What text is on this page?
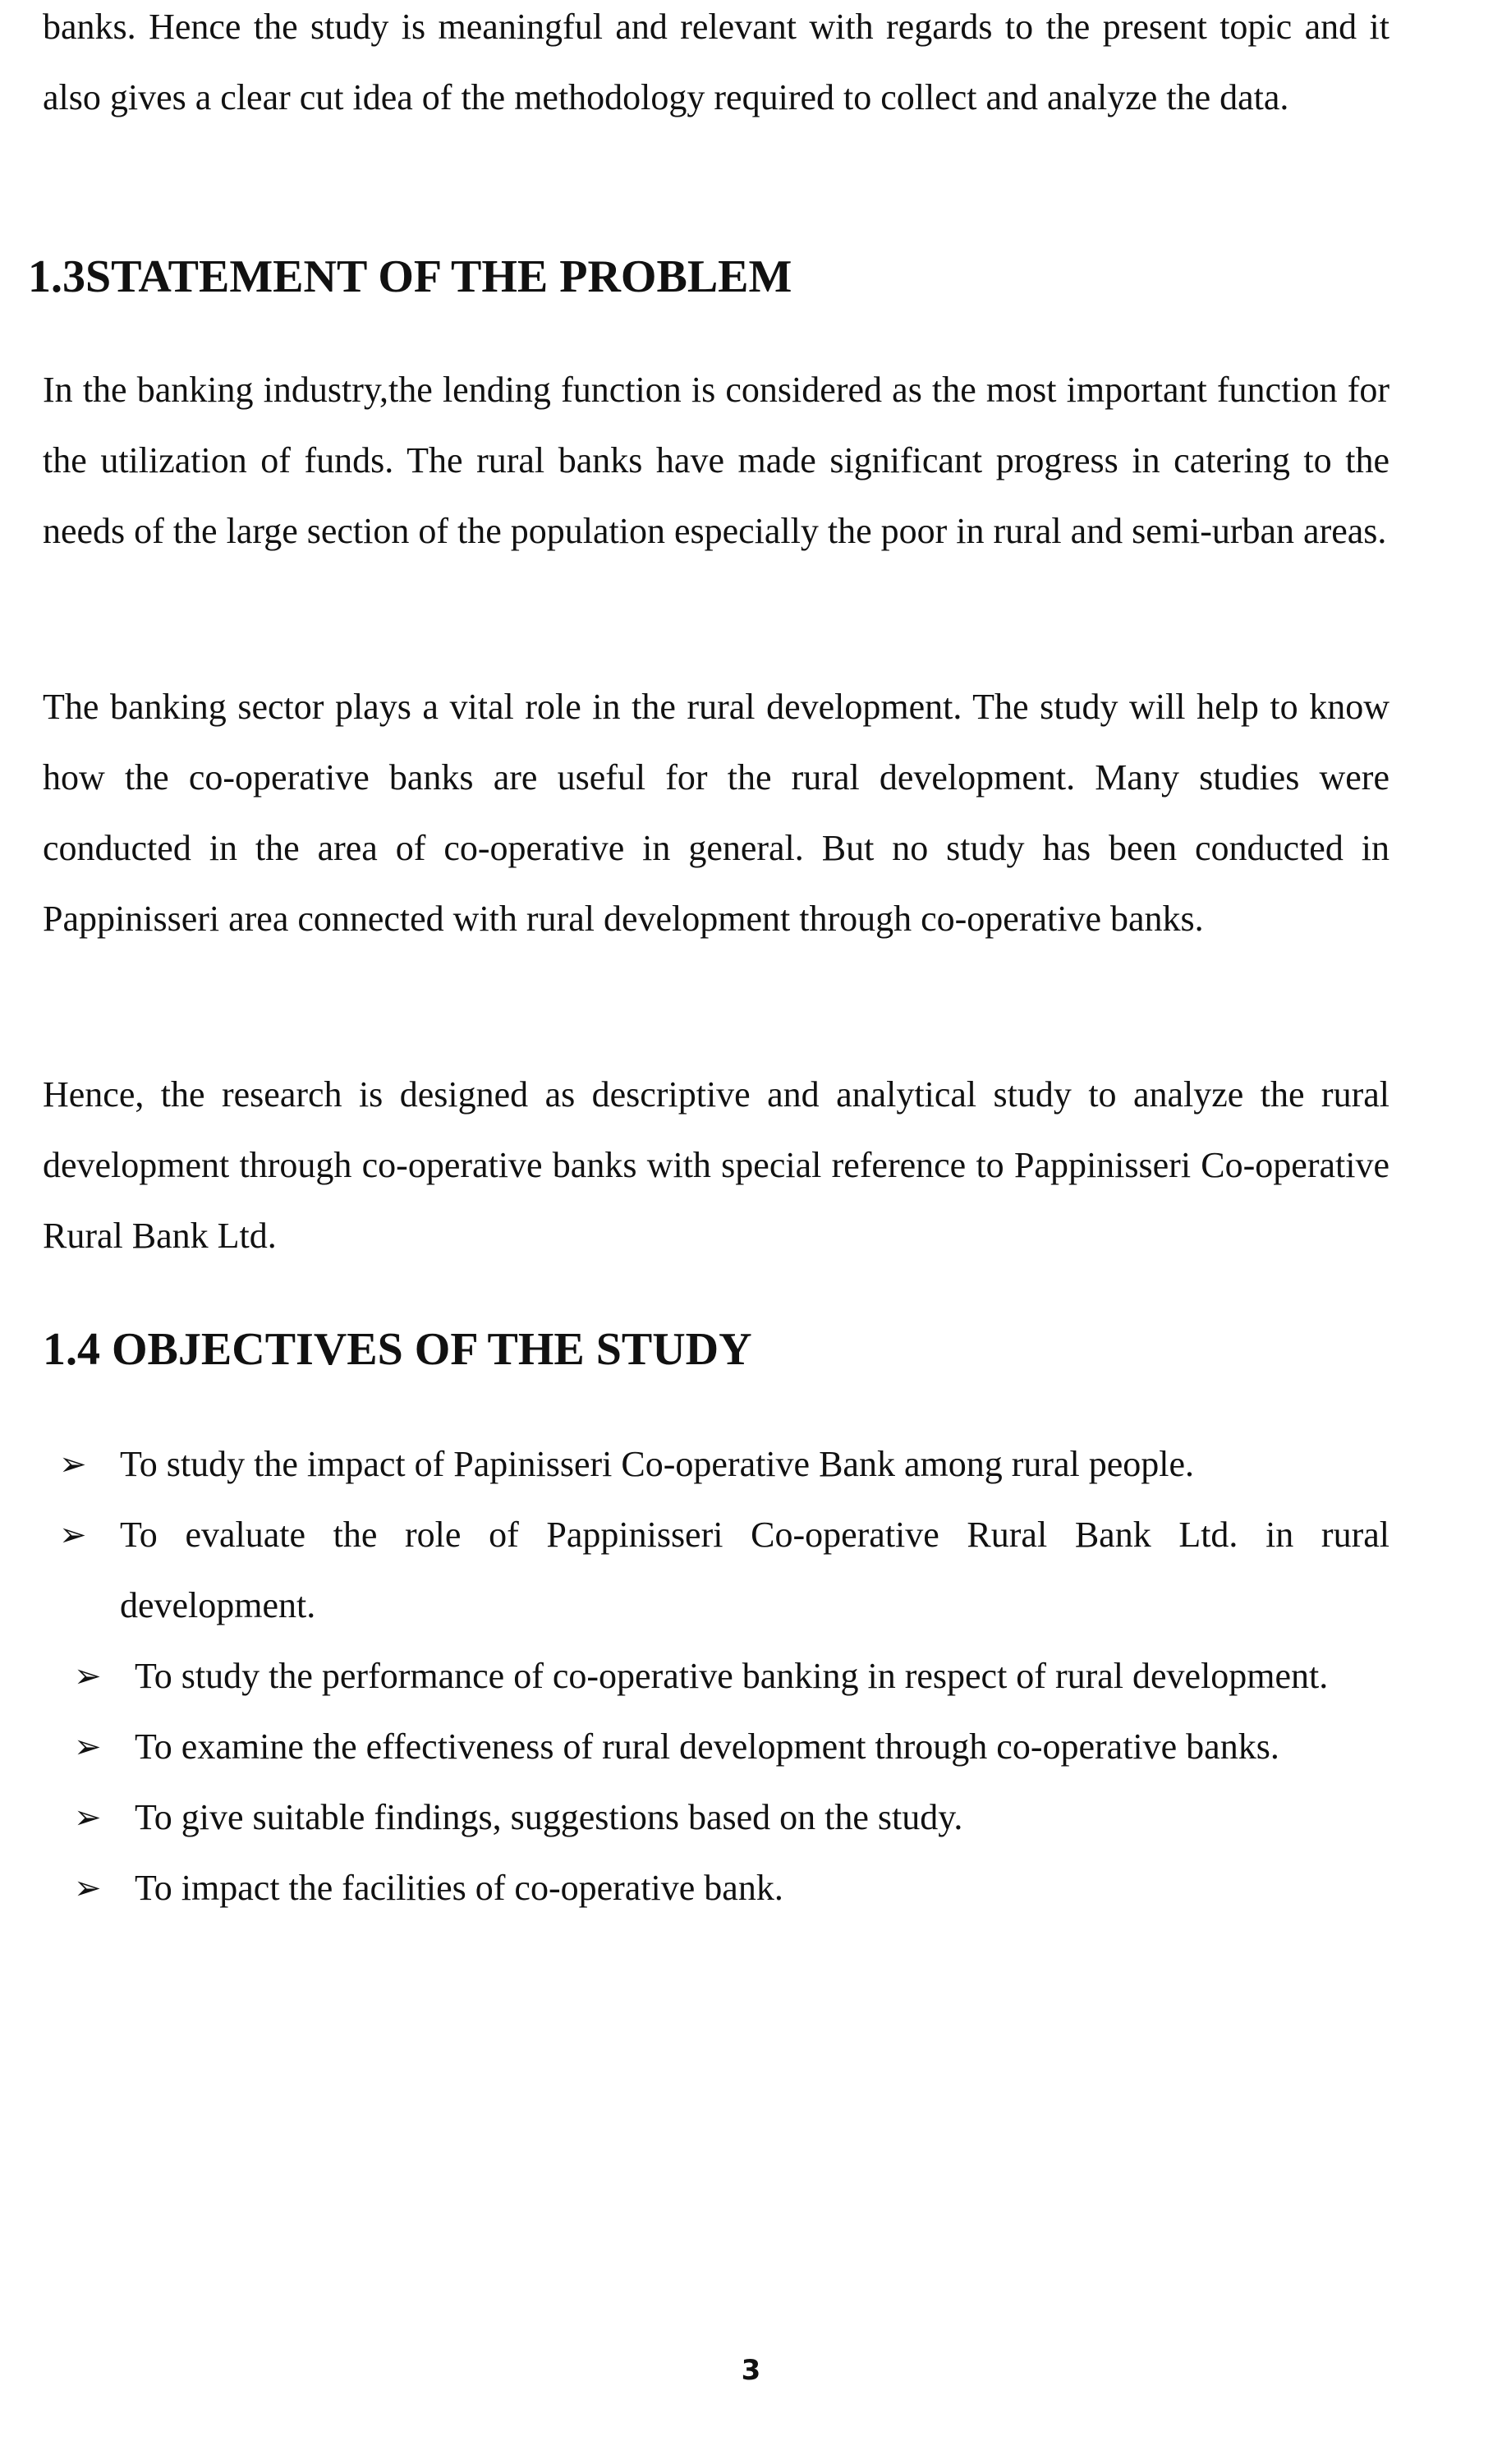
banks. Hence the study is meaningful and relevant with regards to the present topic and it also gives a clear cut idea of the methodology required to collect and analyze the data.

1.3STATEMENT OF THE PROBLEM

In the banking industry,the lending function is considered as the most important function for the utilization of funds. The rural banks have made significant progress in catering to the needs of the large section of the population especially the poor in rural and semi-urban areas.

The banking sector plays a vital role in the rural development. The study will help to know how the co-operative banks are useful for the rural development. Many studies were conducted in the area of co-operative in general. But no study has been conducted in Pappinisseri area connected with rural development through co-operative banks.

Hence, the research is designed as descriptive and analytical study to analyze the rural development through co-operative banks with special reference to Pappinisseri Co-operative Rural Bank Ltd.

1.4 OBJECTIVES OF THE STUDY
➢ To study the impact of Papinisseri Co-operative Bank among rural people.
➢ To evaluate the role of Pappinisseri Co-operative Rural Bank Ltd. in rural development.
➢ To study the performance of co-operative banking in respect of rural development.
➢ To examine the effectiveness of rural development through co-operative banks.
➢ To give suitable findings, suggestions based on the study.
➢ To impact the facilities of co-operative bank.

3
